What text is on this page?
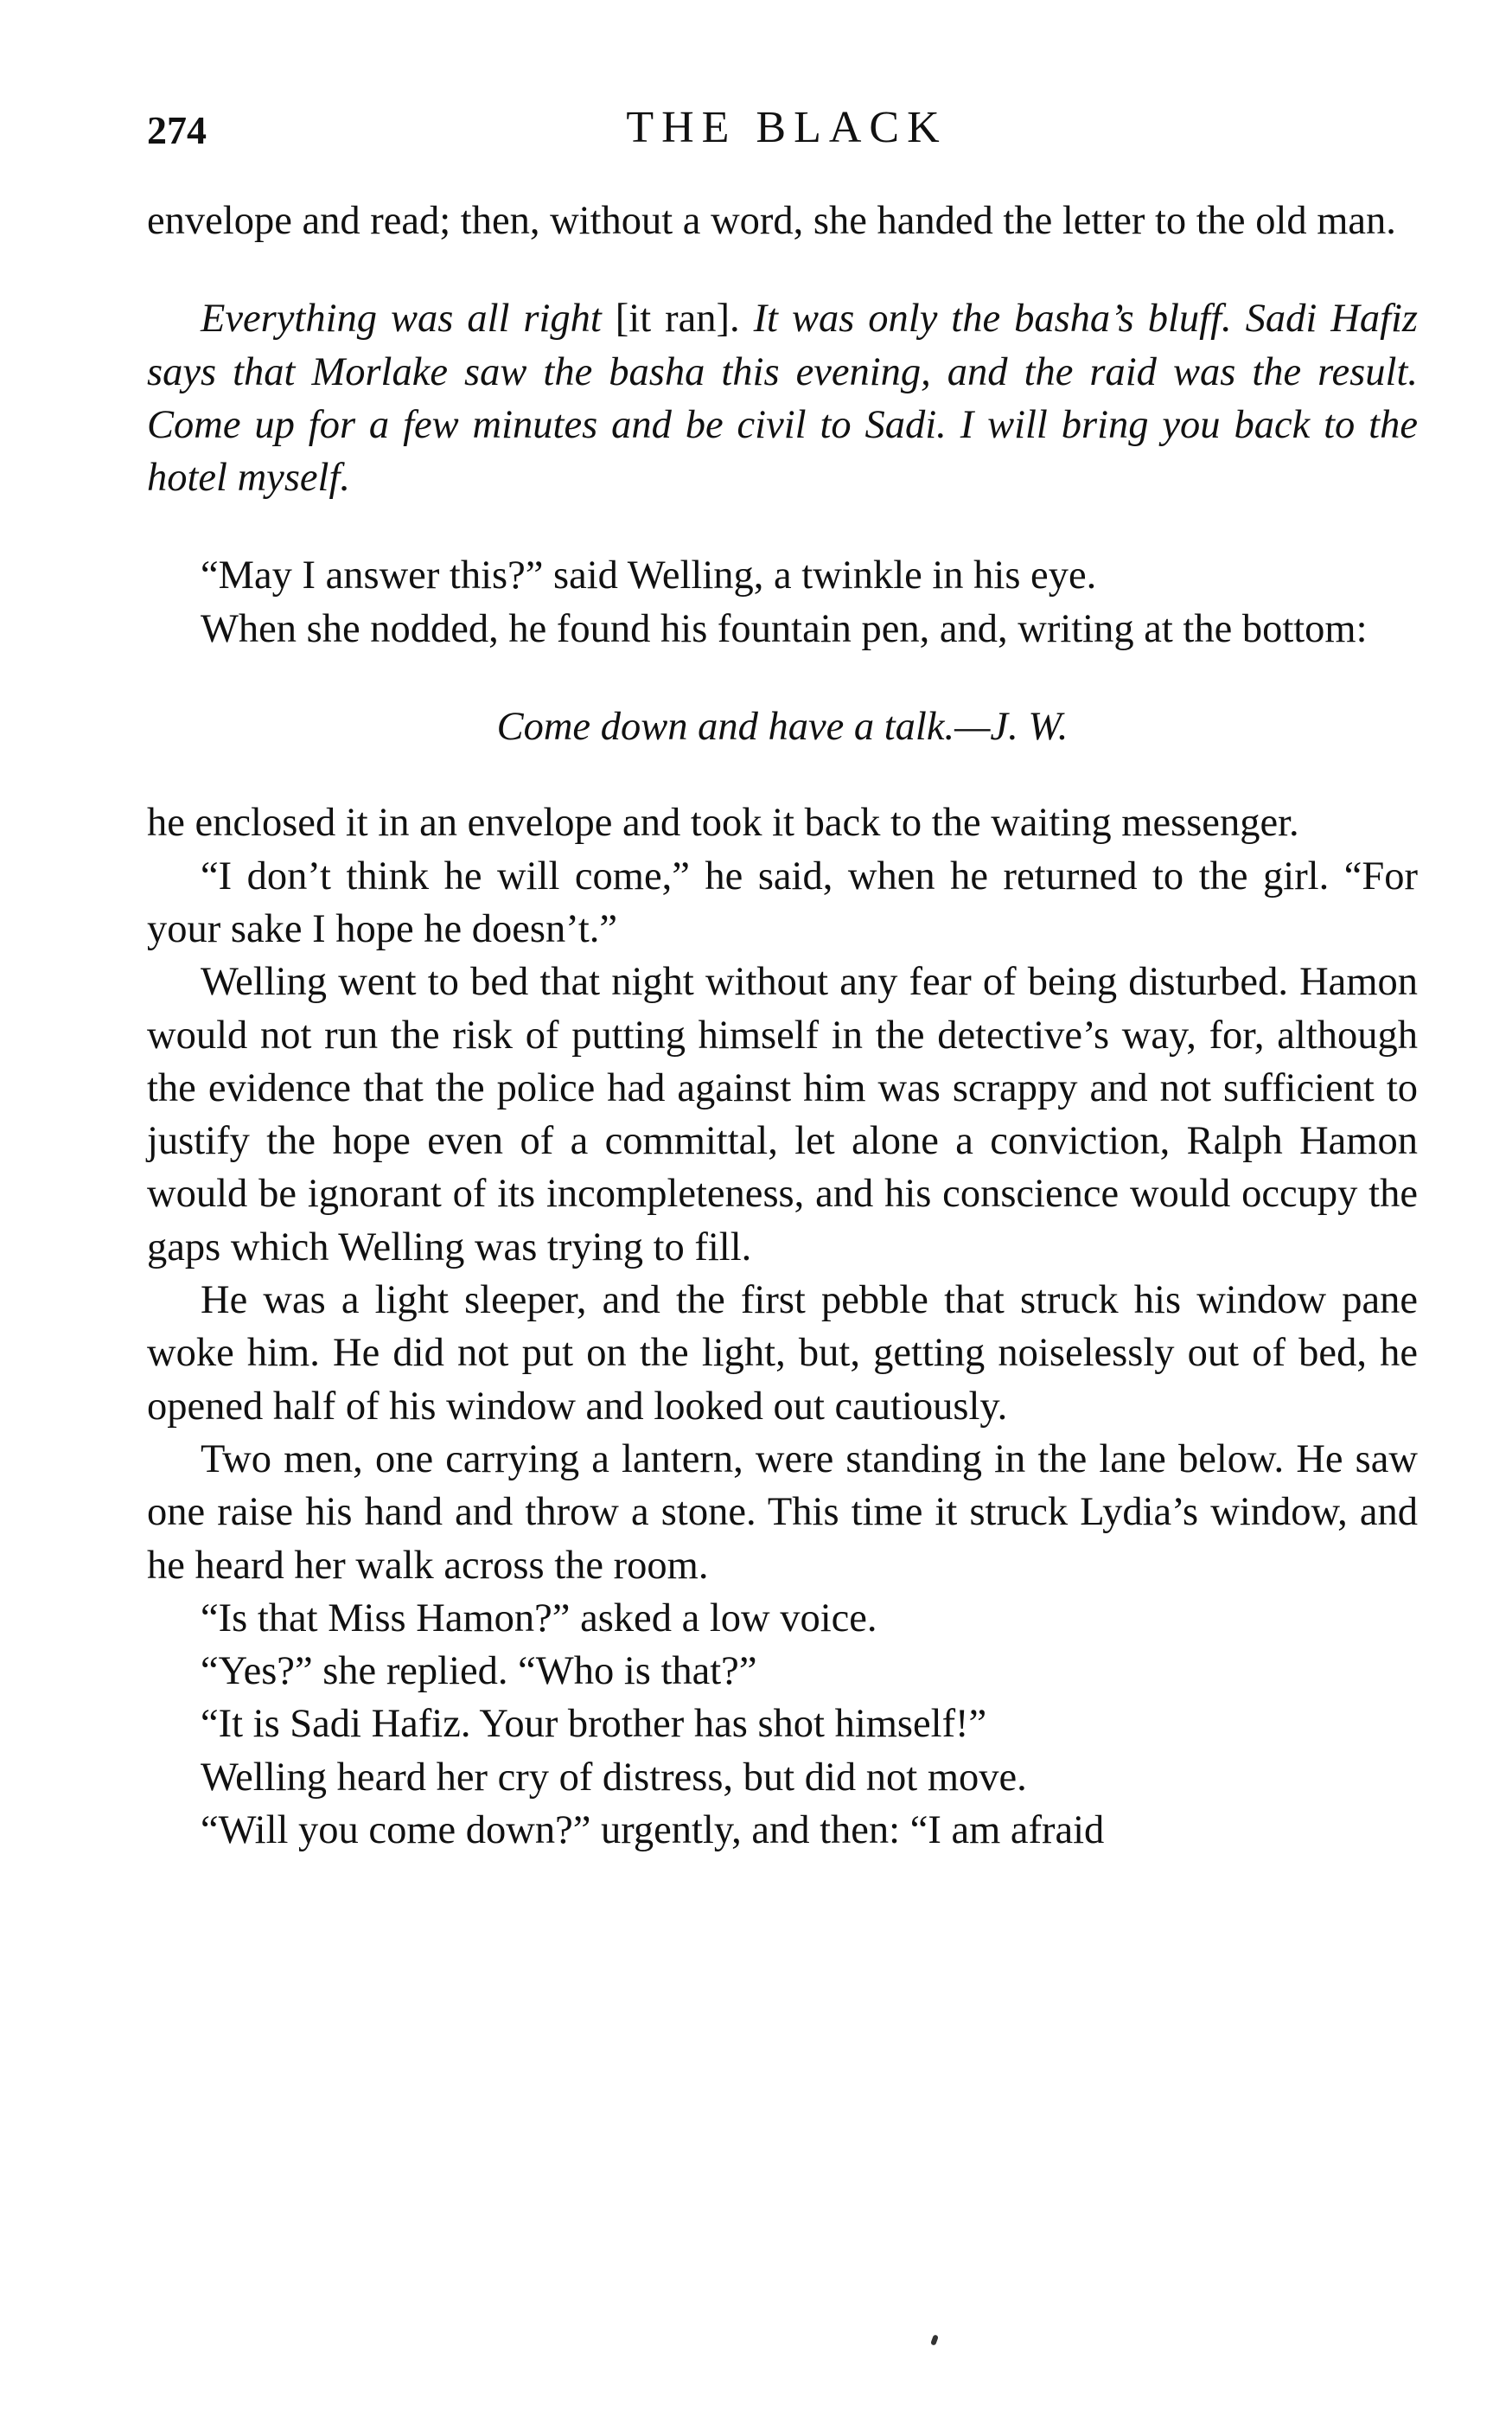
274	THE BLACK

envelope and read; then, without a word, she handed the letter to the old man.

Everything was all right [it ran]. It was only the basha’s bluff. Sadi Hafiz says that Morlake saw the basha this evening, and the raid was the result. Come up for a few minutes and be civil to Sadi. I will bring you back to the hotel myself.

“May I answer this?” said Welling, a twinkle in his eye.

When she nodded, he found his fountain pen, and, writing at the bottom:

Come down and have a talk.—J. W.

he enclosed it in an envelope and took it back to the waiting messenger.

“I don’t think he will come,” he said, when he returned to the girl. “For your sake I hope he doesn’t.”

Welling went to bed that night without any fear of being disturbed. Hamon would not run the risk of putting himself in the detective’s way, for, although the evidence that the police had against him was scrappy and not sufficient to justify the hope even of a committal, let alone a conviction, Ralph Hamon would be ignorant of its incompleteness, and his conscience would occupy the gaps which Welling was trying to fill.

He was a light sleeper, and the first pebble that struck his window pane woke him. He did not put on the light, but, getting noiselessly out of bed, he opened half of his window and looked out cautiously.

Two men, one carrying a lantern, were standing in the lane below. He saw one raise his hand and throw a stone. This time it struck Lydia’s window, and he heard her walk across the room.

“Is that Miss Hamon?” asked a low voice.

“Yes?” she replied. “Who is that?”

“It is Sadi Hafiz. Your brother has shot himself!”

Welling heard her cry of distress, but did not move.

“Will you come down?” urgently, and then: “I am afraid
